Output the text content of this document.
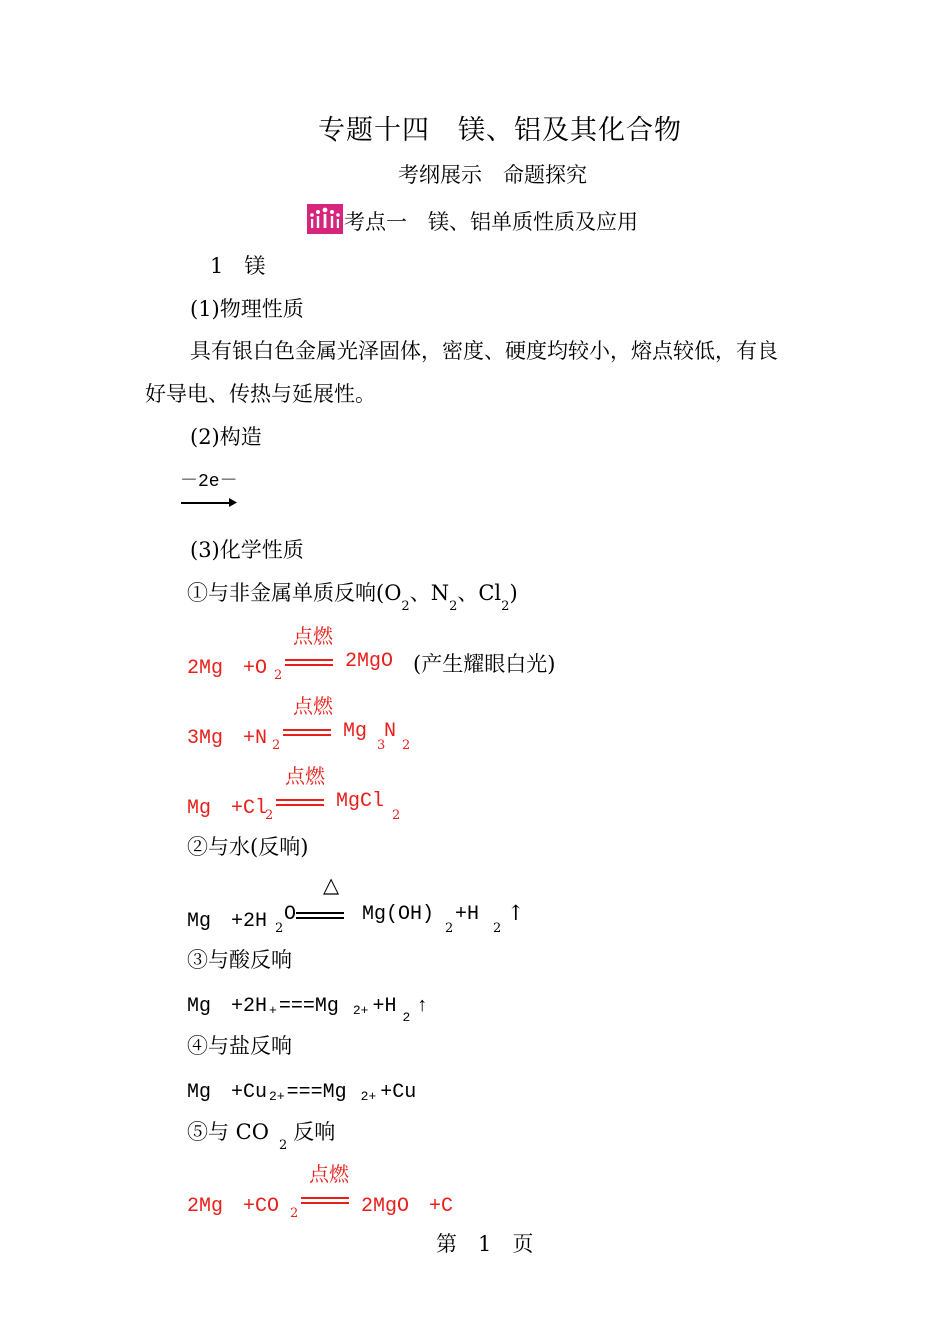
专题十四　镁、铝及其化合物
考纲展示　命题探究
考点一　镁、铝单质性质及应用
1　镁
(1)物理性质
具有银白色金属光泽固体，密度、硬度均较小，熔点较低，有良
好导电、传热与延展性。
(2)构造
－2e－
(3)化学性质
①与非金属单质反响($O_2$、$N_2$、$Cl_2$)
点燃
2Mg　+O 2
2MgO (产生耀眼白光)
点燃
3Mg　+N 2
Mg
3
N
2
点燃
Mg　+Cl
2
MgCl
2
②与水(反响)
△
Mg　+2H 2
O	Mg(OH)
2
+H
2
↑
③与酸反响
Mg　+2H + ===Mg 2+ +H $_2$ ↑
④与盐反响
Mg　+Cu 2+ ===Mg 2+ +Cu
⑤与 $CO_2$反响
点燃
2Mg　+CO 2	2MgO　+C
第　1　页
